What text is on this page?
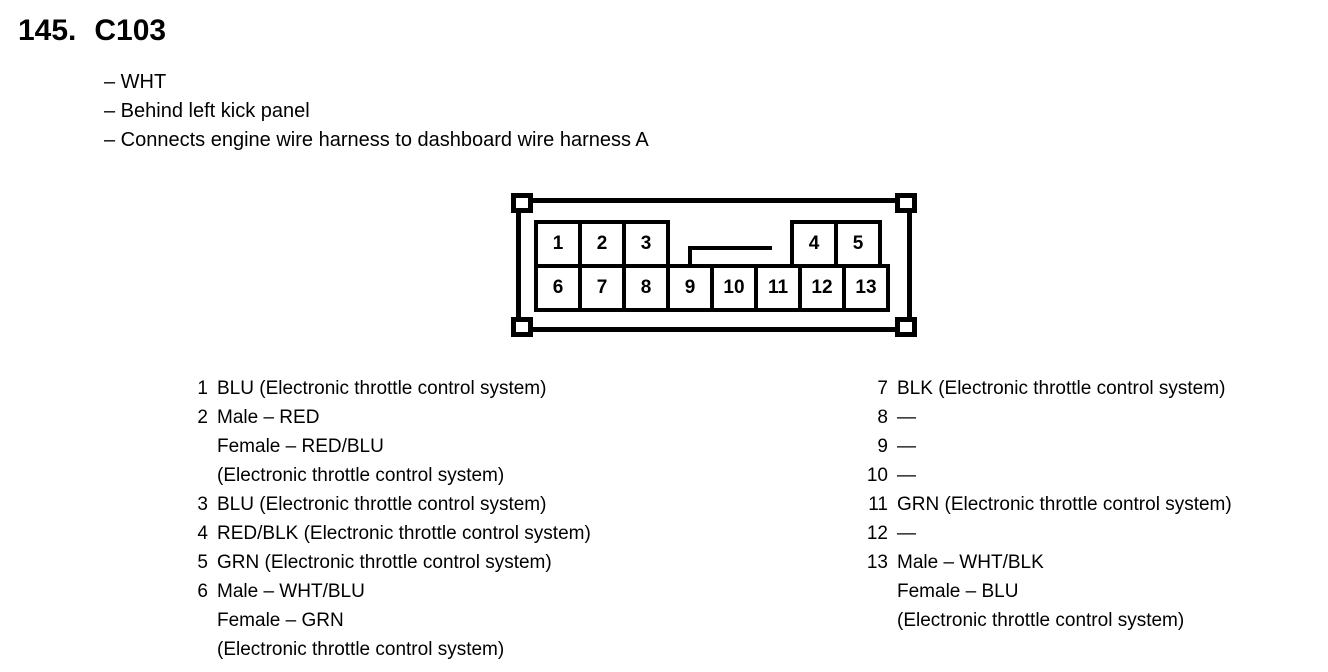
145. C103
– WHT
– Behind left kick panel
– Connects engine wire harness to dashboard wire harness A
1	2	3	4	5
6	7	8	9	10	11	12	13
1 BLU (Electronic throttle control system)
2 Male – RED
Female – RED/BLU
(Electronic throttle control system)
3 BLU (Electronic throttle control system)
4 RED/BLK (Electronic throttle control system)
5 GRN (Electronic throttle control system)
6 Male – WHT/BLU
Female – GRN
(Electronic throttle control system)
7 BLK (Electronic throttle control system)
8 —
9 —
10 —
11 GRN (Electronic throttle control system)
12 —
13 Male – WHT/BLK
Female – BLU
(Electronic throttle control system)
